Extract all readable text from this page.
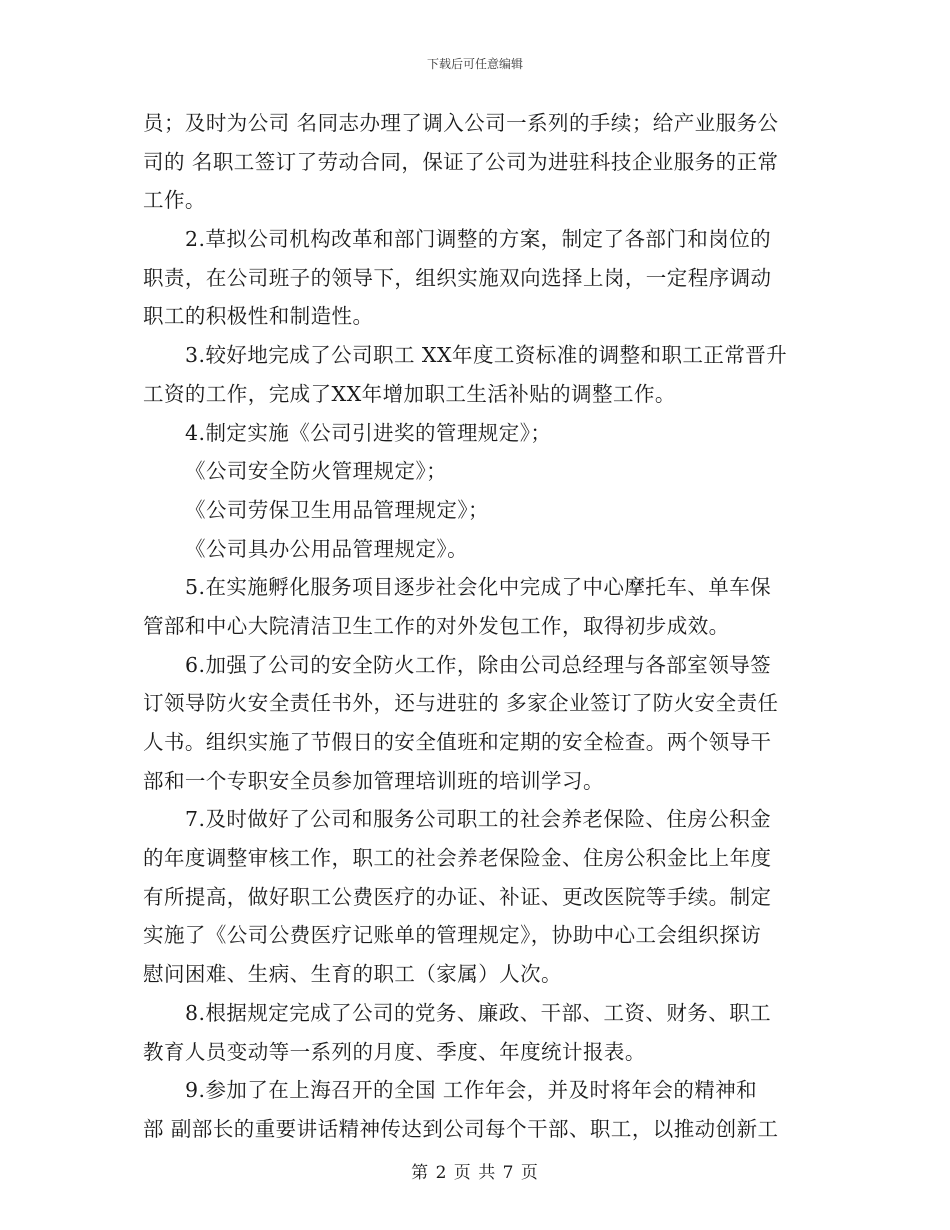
下载后可任意编辑
员；及时为公司 名同志办理了调入公司一系列的手续；给产业服务公
司的 名职工签订了劳动合同，保证了公司为进驻科技企业服务的正常
工作。
2.草拟公司机构改革和部门调整的方案，制定了各部门和岗位的
职责，在公司班子的领导下，组织实施双向选择上岗，一定程序调动
职工的积极性和制造性。
3.较好地完成了公司职工 XX年度工资标准的调整和职工正常晋升
工资的工作，完成了XX年增加职工生活补贴的调整工作。
4.制定实施《公司引进奖的管理规定》；
《公司安全防火管理规定》；
《公司劳保卫生用品管理规定》；
《公司具办公用品管理规定》。
5.在实施孵化服务项目逐步社会化中完成了中心摩托车、单车保
管部和中心大院清洁卫生工作的对外发包工作，取得初步成效。
6.加强了公司的安全防火工作，除由公司总经理与各部室领导签
订领导防火安全责任书外，还与进驻的 多家企业签订了防火安全责任
人书。组织实施了节假日的安全值班和定期的安全检查。两个领导干
部和一个专职安全员参加管理培训班的培训学习。
7.及时做好了公司和服务公司职工的社会养老保险、住房公积金
的年度调整审核工作，职工的社会养老保险金、住房公积金比上年度
有所提高，做好职工公费医疗的办证、补证、更改医院等手续。制定
实施了《公司公费医疗记账单的管理规定》，协助中心工会组织探访
慰问困难、生病、生育的职工（家属）人次。
8.根据规定完成了公司的党务、廉政、干部、工资、财务、职工
教育人员变动等一系列的月度、季度、年度统计报表。
9.参加了在上海召开的全国 工作年会，并及时将年会的精神和
部 副部长的重要讲话精神传达到公司每个干部、职工，以推动创新工
第 2 页 共 7 页
